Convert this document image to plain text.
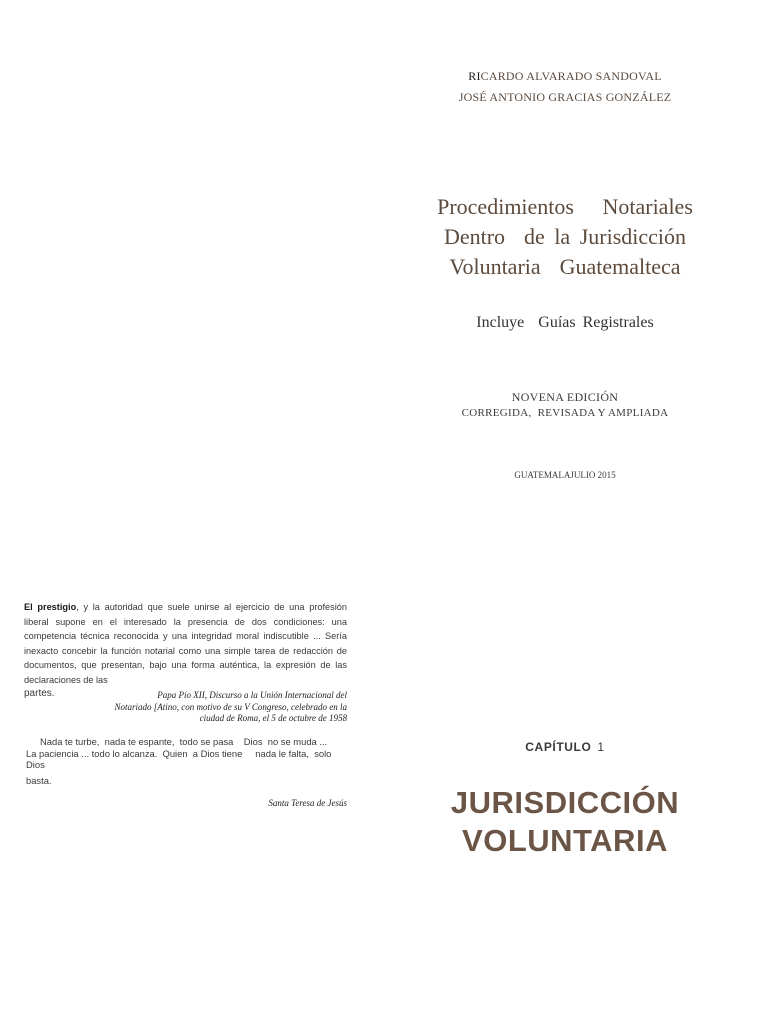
RICARDO ALVARADO SANDOVAL
JOSÉ ANTONIO GRACIAS GONZÁLEZ
Procedimientos   Notariales
Dentro  de la Jurisdicción
Voluntaria  Guatemalteca
Incluye  Guías Registrales
NOVENA EDICIÓN
CORREGIDA,  REVISADA Y AMPLIADA
GUATEMALAJULIO 2015
El prestigio, y la autoridad que suele unirse al ejercicio de una profesión liberal supone en el interesado la presencia de dos condiciones: una competencia técnica reconocida y una integridad moral indiscutible ... Sería inexacto concebir la función notarial como una simple tarea de redacción de documentos, que presentan, bajo una forma auténtica, la expresión de las declaraciones de las
partes.	Papa Pío XII, Discurso a la Unión Internacional del
Notariado [Atino, con motivo de su V Congreso, celebrado en la
ciudad de Roma, el 5 de octubre de 1958
Nada te turbe,  nada te espante,  todo se pasa    Dios  no se muda ...
La paciencia ... todo lo alcanza.  Quien  a Dios tiene     nada le falta,  solo Dios
basta.
Santa Teresa de Jesús
CAPÍTULO 1
JURISDICCIÓN
VOLUNTARIA
